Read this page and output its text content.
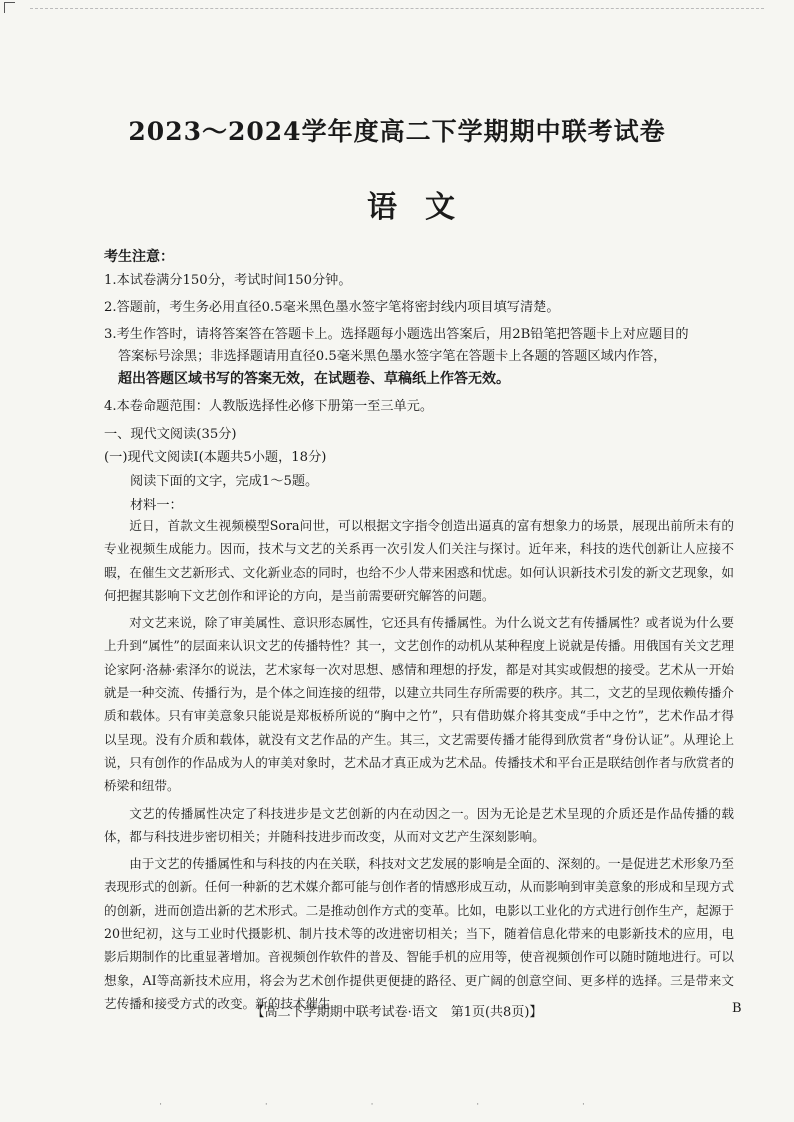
2023～2024学年度高二下学期期中联考试卷
语文
考生注意：

1.本试卷满分150分，考试时间150分钟。

2.答题前，考生务必用直径0.5毫米黑色墨水签字笔将密封线内项目填写清楚。

3.考生作答时，请将答案答在答题卡上。选择题每小题选出答案后，用2B铅笔把答题卡上对应题目的
答案标号涂黑；非选择题请用直径0.5毫米黑色墨水签字笔在答题卡上各题的答题区域内作答，
超出答题区域书写的答案无效，在试题卷、草稿纸上作答无效。

4.本卷命题范围：人教版选择性必修下册第一至三单元。

一、现代文阅读(35分)
(一)现代文阅读Ⅰ(本题共5小题，18分)
阅读下面的文字，完成1～5题。
材料一：

近日，首款文生视频模型Sora问世，可以根据文字指令创造出逼真的富有想象力的场景，展现出前所未有的专业视频生成能力。因而，技术与文艺的关系再一次引发人们关注与探讨。近年来，科技的迭代创新让人应接不暇，在催生文艺新形式、文化新业态的同时，也给不少人带来困惑和忧虑。如何认识新技术引发的新文艺现象，如何把握其影响下文艺创作和评论的方向，是当前需要研究解答的问题。

对文艺来说，除了审美属性、意识形态属性，它还具有传播属性。为什么说文艺有传播属性？或者说为什么要上升到“属性”的层面来认识文艺的传播特性？其一，文艺创作的动机从某种程度上说就是传播。用俄国有关文艺理论家阿·洛赫·索泽尔的说法，艺术家每一次对思想、感情和理想的抒发，都是对其实或假想的接受。艺术从一开始就是一种交流、传播行为，是个体之间连接的纽带，以建立共同生存所需要的秩序。其二，文艺的呈现依赖传播介质和载体。只有审美意象只能说是郑板桥所说的“胸中之竹”，只有借助媒介将其变成“手中之竹”，艺术作品才得以呈现。没有介质和载体，就没有文艺作品的产生。其三，文艺需要传播才能得到欣赏者“身份认证”。从理论上说，只有创作的作品成为人的审美对象时，艺术品才真正成为艺术品。传播技术和平台正是联结创作者与欣赏者的桥梁和纽带。

文艺的传播属性决定了科技进步是文艺创新的内在动因之一。因为无论是艺术呈现的介质还是作品传播的载体，都与科技进步密切相关；并随科技进步而改变，从而对文艺产生深刻影响。

由于文艺的传播属性和与科技的内在关联，科技对文艺发展的影响是全面的、深刻的。一是促进艺术形象乃至表现形式的创新。任何一种新的艺术媒介都可能与创作者的情感形成互动，从而影响到审美意象的形成和呈现方式的创新，进而创造出新的艺术形式。二是推动创作方式的变革。比如，电影以工业化的方式进行创作生产，起源于20世纪初，这与工业时代摄影机、制片技术等的改进密切相关；当下，随着信息化带来的电影新技术的应用，电影后期制作的比重显著增加。音视频创作软件的普及、智能手机的应用等，使音视频创作可以随时随地进行。可以想象，AI等高新技术应用，将会为艺术创作提供更便捷的路径、更广阔的创意空间、更多样的选择。三是带来文艺传播和接受方式的改变。新的技术催生

【高二下学期期中联考试卷·语文　第1页(共8页)】	B
· · · · ·
